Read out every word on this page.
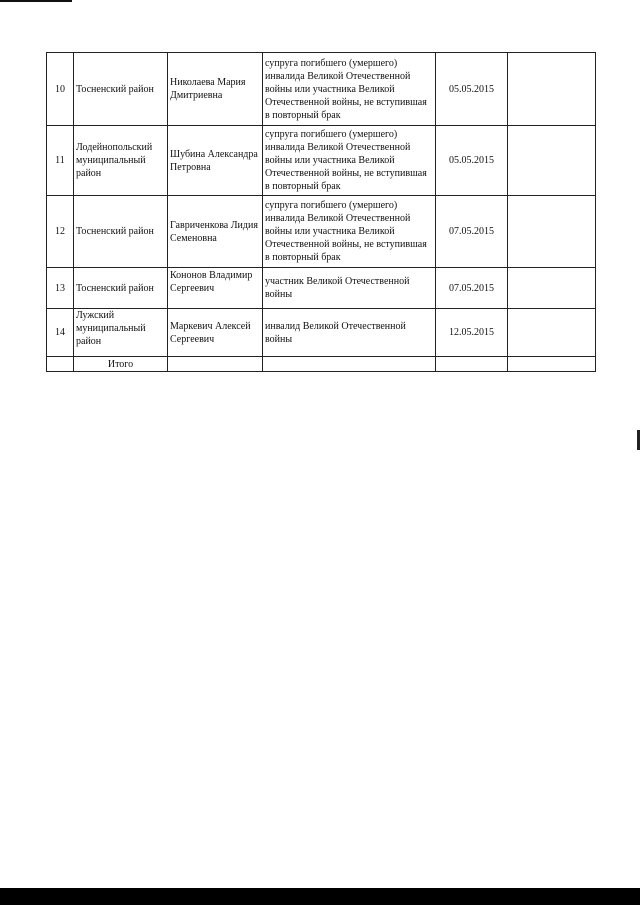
10	Тосненский район	Николаева Мария Дмитриевна	супруга погибшего (умершего) инвалида Великой Отечественной войны или участника Великой Отечественной войны, не вступившая в повторный брак	05.05.2015	
11	Лодейнопольский муниципальный район	Шубина Александра Петровна	супруга погибшего (умершего) инвалида Великой Отечественной войны или участника Великой Отечественной войны, не вступившая в повторный брак	05.05.2015	
12	Тосненский район	Гавриченкова Лидия Семеновна	супруга погибшего (умершего) инвалида Великой Отечественной войны или участника Великой Отечественной войны, не вступившая в повторный брак	07.05.2015	
13	Тосненский район	Кононов Владимир Сергеевич	участник Великой Отечественной войны	07.05.2015	
14	Лужский муниципальный район	Маркевич Алексей Сергеевич	инвалид Великой Отечественной войны	12.05.2015	
	Итого				
